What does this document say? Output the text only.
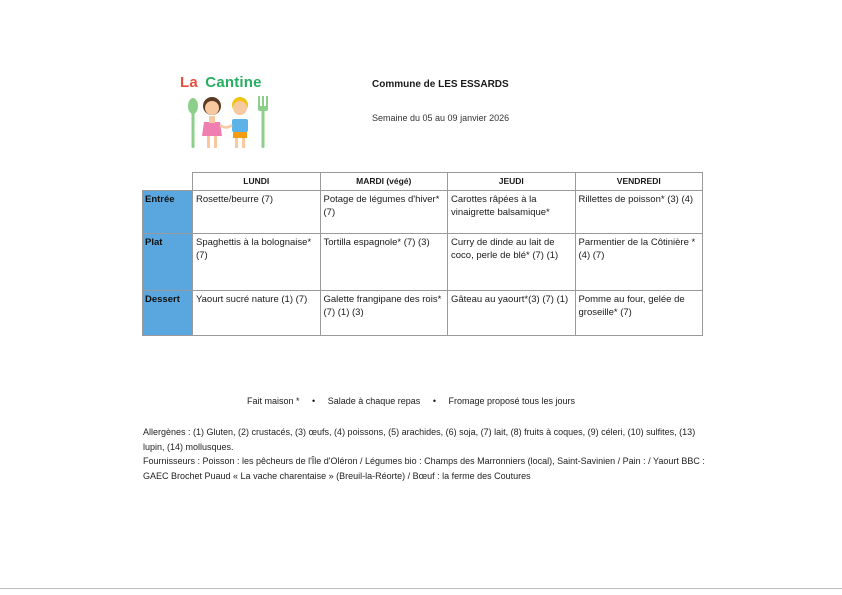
La Cantine	Commune de LES ESSARDS
Semaine du 05 au 09 janvier 2026
	LUNDI	MARDI (végé)	JEUDI	VENDREDI
Entrée	Rosette/beurre (7)	Potage de légumes d'hiver* (7)	Carottes râpées à la vinaigrette balsamique*	Rillettes de poisson* (3) (4)
Plat	Spaghettis à la bolognaise* (7)	Tortilla espagnole* (7) (3)	Curry de dinde au lait de coco, perle de blé* (7) (1)	Parmentier de la Côtinière *(4) (7)
Dessert	Yaourt sucré nature (1) (7)	Galette frangipane des rois* (7) (1) (3)	Gâteau au yaourt*(3) (7) (1)	Pomme au four, gelée de groseille* (7)
Fait maison * • Salade à chaque repas • Fromage proposé tous les jours

Allergènes : (1) Gluten, (2) crustacés, (3) œufs, (4) poissons, (5) arachides, (6) soja, (7) lait, (8) fruits à coques, (9) céleri, (10) sulfites, (13) lupin, (14) mollusques.

Fournisseurs : Poisson : les pêcheurs de l'Île d'Oléron / Légumes bio : Champs des Marronniers (local), Saint-Savinien / Pain : / Yaourt BBC : GAEC Brochet Puaud « La vache charentaise » (Breuil-la-Réorte) / Bœuf : la ferme des Coutures
